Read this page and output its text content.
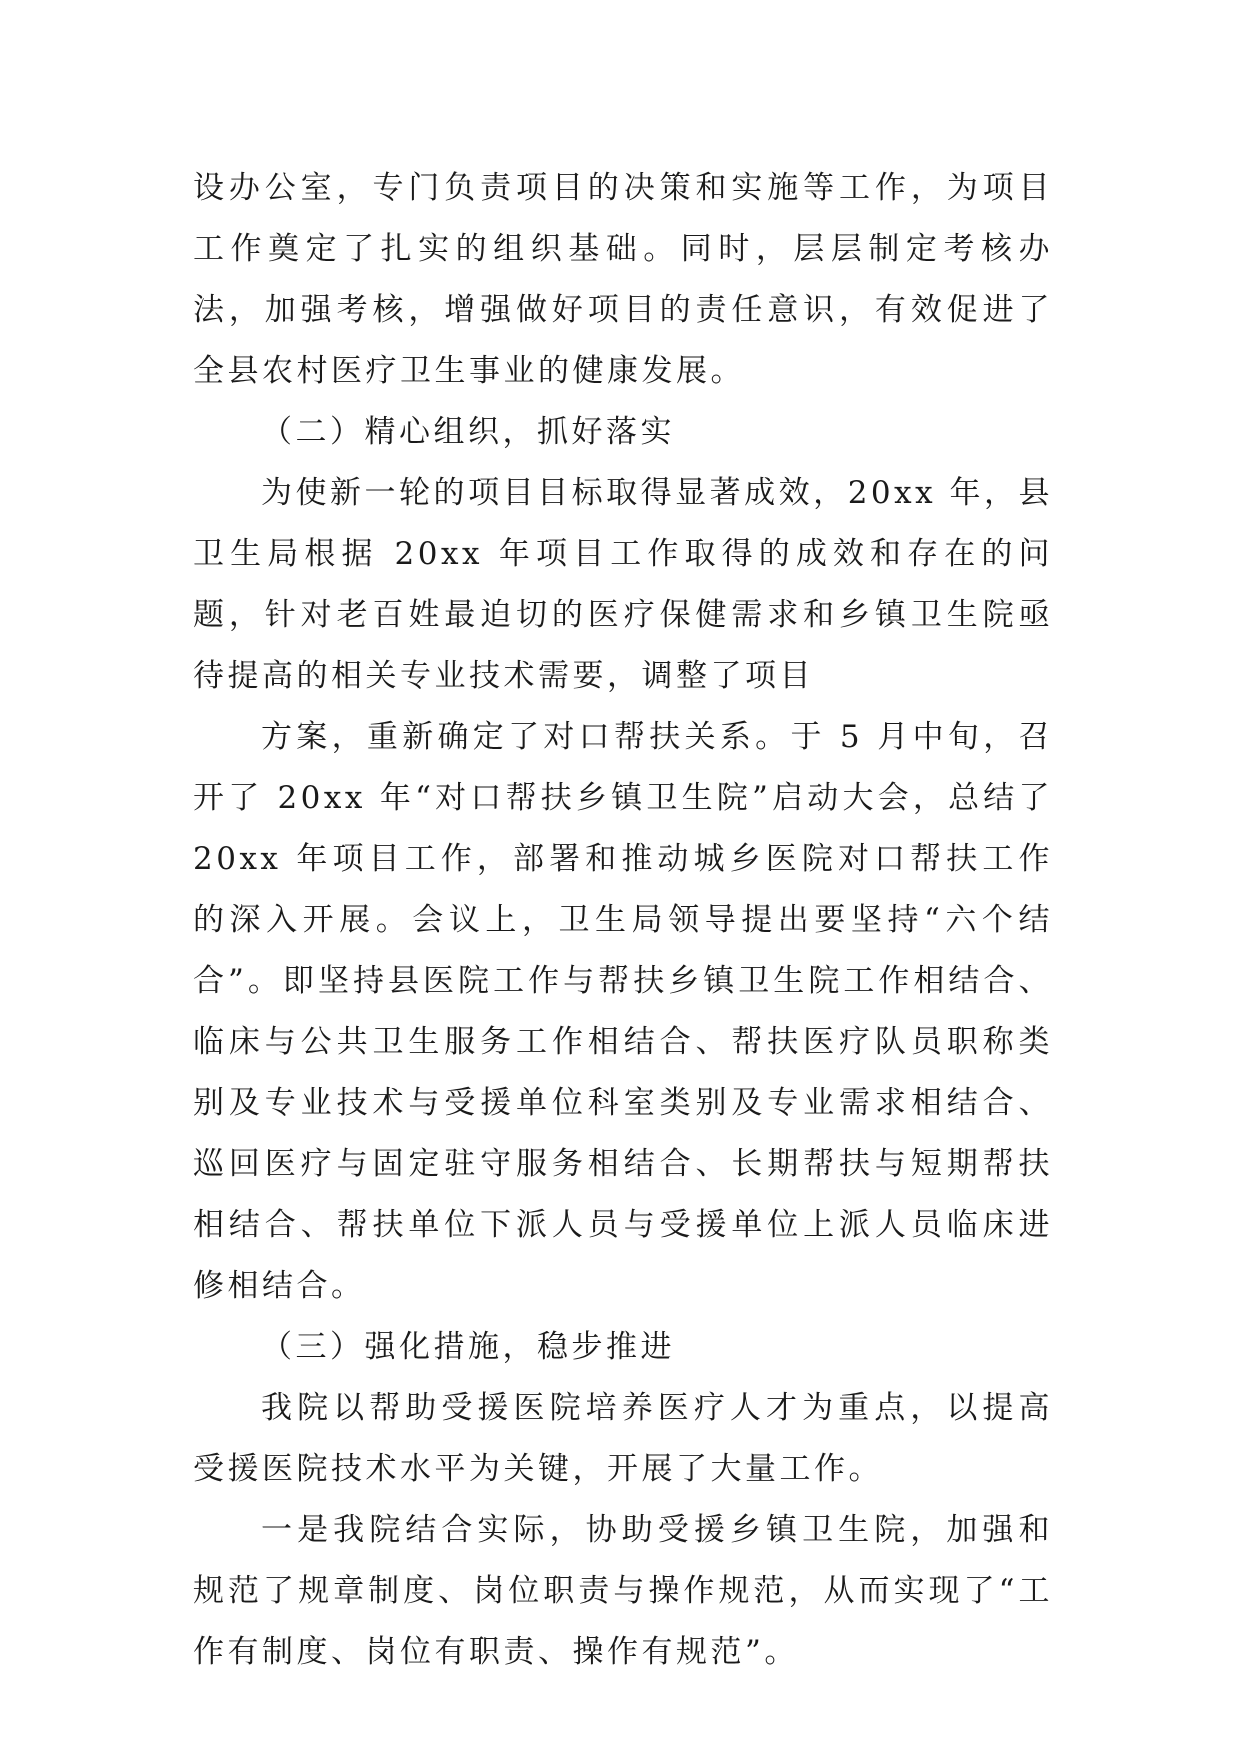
设办公室，专门负责项目的决策和实施等工作，为项目工作奠定了扎实的组织基础。同时，层层制定考核办法，加强考核，增强做好项目的责任意识，有效促进了全县农村医疗卫生事业的健康发展。

（二）精心组织，抓好落实

为使新一轮的项目目标取得显著成效，20xx 年，县卫生局根据 20xx 年项目工作取得的成效和存在的问题，针对老百姓最迫切的医疗保健需求和乡镇卫生院亟待提高的相关专业技术需要，调整了项目

方案，重新确定了对口帮扶关系。于 5 月中旬，召开了 20xx 年“对口帮扶乡镇卫生院”启动大会，总结了 20xx 年项目工作，部署和推动城乡医院对口帮扶工作的深入开展。会议上，卫生局领导提出要坚持“六个结合”。即坚持县医院工作与帮扶乡镇卫生院工作相结合、临床与公共卫生服务工作相结合、帮扶医疗队员职称类别及专业技术与受援单位科室类别及专业需求相结合、巡回医疗与固定驻守服务相结合、长期帮扶与短期帮扶相结合、帮扶单位下派人员与受援单位上派人员临床进修相结合。

（三）强化措施，稳步推进

我院以帮助受援医院培养医疗人才为重点，以提高受援医院技术水平为关键，开展了大量工作。

一是我院结合实际，协助受援乡镇卫生院，加强和规范了规章制度、岗位职责与操作规范，从而实现了“工作有制度、岗位有职责、操作有规范”。
